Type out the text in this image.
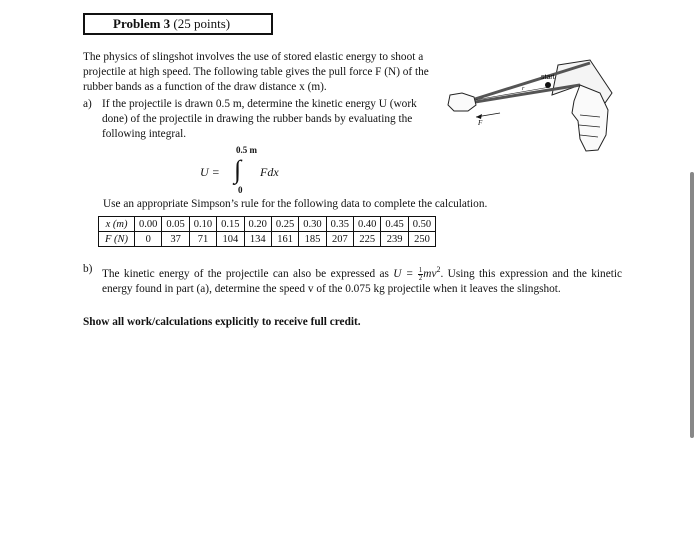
Problem 3 (25 points)
The physics of slingshot involves the use of stored elastic energy to shoot a projectile at high speed. The following table gives the pull force F (N) of the rubber bands as a function of the draw distance x (m).
a) If the projectile is drawn 0.5 m, determine the kinetic energy U (work done) of the projectile in drawing the rubber bands by evaluating the following integral.
0.5 m
U = ∫ Fdx
0
Use an appropriate Simpson’s rule for the following data to complete the calculation.
x (m)	0.00	0.05	0.10	0.15	0.20	0.25	0.30	0.35	0.40	0.45	0.50
F (N)	0	37	71	104	134	161	185	207	225	239	250
b) The kinetic energy of the projectile can also be expressed as $U = \frac{1}{2} mv^2$. Using this expression and the kinetic energy found in part (a), determine the speed v of the 0.075 kg projectile when it leaves the slingshot.
Show all work/calculations explicitly to receive full credit.
start
r
F
